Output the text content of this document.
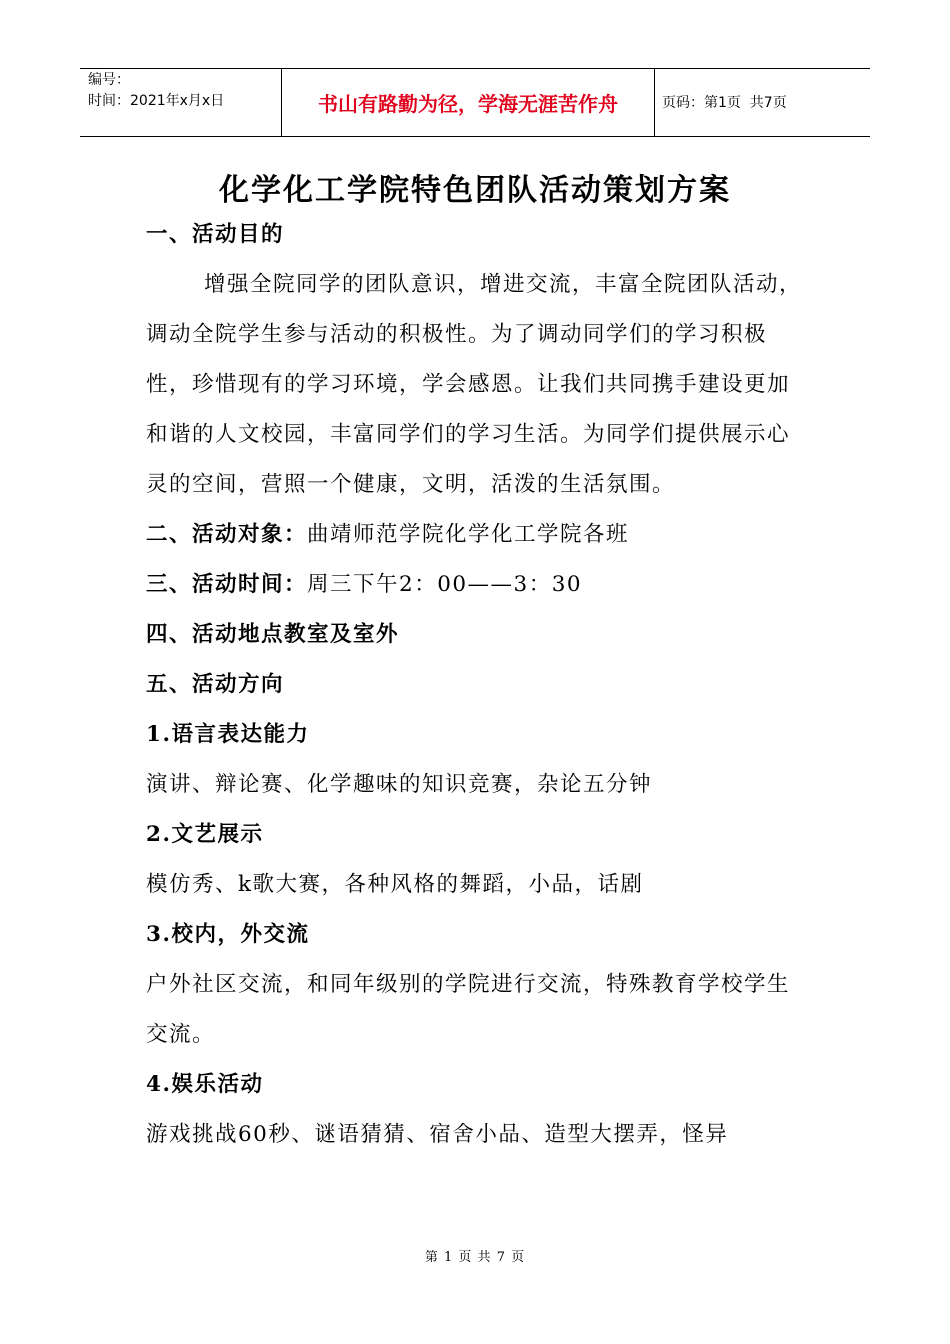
编号：
时间：2021年x月x日	书山有路勤为径，学海无涯苦作舟	页码：第1页  共7页
化学化工学院特色团队活动策划方案
一、活动目的
增强全院同学的团队意识，增进交流，丰富全院团队活动，调动全院学生参与活动的积极性。为了调动同学们的学习积极性，珍惜现有的学习环境，学会感恩。让我们共同携手建设更加和谐的人文校园，丰富同学们的学习生活。为同学们提供展示心灵的空间，营照一个健康，文明，活泼的生活氛围。
二、活动对象：曲靖师范学院化学化工学院各班
三、活动时间：周三下午2：00——3：30
四、活动地点教室及室外
五、活动方向
1.语言表达能力
演讲、辩论赛、化学趣味的知识竞赛，杂论五分钟
2.文艺展示
模仿秀、k歌大赛，各种风格的舞蹈，小品，话剧
3.校内，外交流
户外社区交流，和同年级别的学院进行交流，特殊教育学校学生交流。
4.娱乐活动
游戏挑战60秒、谜语猜猜、宿舍小品、造型大摆弄，怪异
第 1 页 共 7 页
